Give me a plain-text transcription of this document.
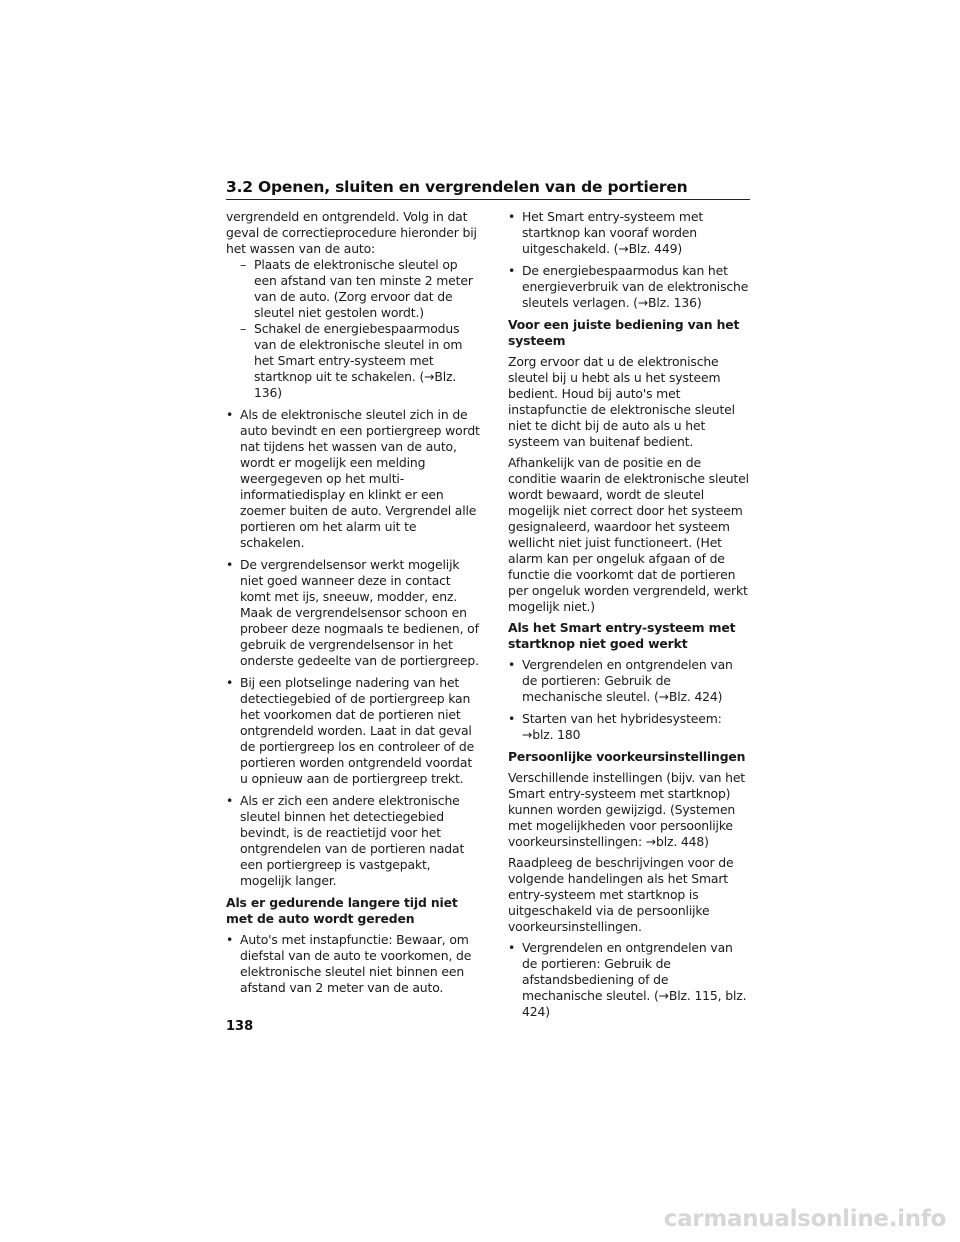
3.2 Openen, sluiten en vergrendelen van de portieren

vergrendeld en ontgrendeld. Volg in dat geval de correctieprocedure hieronder bij het wassen van de auto:

– Plaats de elektronische sleutel op een afstand van ten minste 2 meter van de auto. (Zorg ervoor dat de sleutel niet gestolen wordt.)

– Schakel de energiebespaarmodus van de elektronische sleutel in om het Smart entry-systeem met startknop uit te schakelen. (→Blz. 136)

• Als de elektronische sleutel zich in de auto bevindt en een portiergreep wordt nat tijdens het wassen van de auto, wordt er mogelijk een melding weergegeven op het multi-informatiedisplay en klinkt er een zoemer buiten de auto. Vergrendel alle portieren om het alarm uit te schakelen.

• De vergrendelsensor werkt mogelijk niet goed wanneer deze in contact komt met ijs, sneeuw, modder, enz. Maak de vergrendelsensor schoon en probeer deze nogmaals te bedienen, of gebruik de vergrendelsensor in het onderste gedeelte van de portiergreep.

• Bij een plotselinge nadering van het detectiegebied of de portiergreep kan het voorkomen dat de portieren niet ontgrendeld worden. Laat in dat geval de portiergreep los en controleer of de portieren worden ontgrendeld voordat u opnieuw aan de portiergreep trekt.

• Als er zich een andere elektronische sleutel binnen het detectiegebied bevindt, is de reactietijd voor het ontgrendelen van de portieren nadat een portiergreep is vastgepakt, mogelijk langer.

Als er gedurende langere tijd niet met de auto wordt gereden

• Auto's met instapfunctie: Bewaar, om diefstal van de auto te voorkomen, de elektronische sleutel niet binnen een afstand van 2 meter van de auto.

• Het Smart entry-systeem met startknop kan vooraf worden uitgeschakeld. (→Blz. 449)

• De energiebespaarmodus kan het energieverbruik van de elektronische sleutels verlagen. (→Blz. 136)

Voor een juiste bediening van het systeem

Zorg ervoor dat u de elektronische sleutel bij u hebt als u het systeem bedient. Houd bij auto's met instapfunctie de elektronische sleutel niet te dicht bij de auto als u het systeem van buitenaf bedient.

Afhankelijk van de positie en de conditie waarin de elektronische sleutel wordt bewaard, wordt de sleutel mogelijk niet correct door het systeem gesignaleerd, waardoor het systeem wellicht niet juist functioneert. (Het alarm kan per ongeluk afgaan of de functie die voorkomt dat de portieren per ongeluk worden vergrendeld, werkt mogelijk niet.)

Als het Smart entry-systeem met startknop niet goed werkt

• Vergrendelen en ontgrendelen van de portieren: Gebruik de mechanische sleutel. (→Blz. 424)

• Starten van het hybridesysteem: →blz. 180

Persoonlijke voorkeursinstellingen

Verschillende instellingen (bijv. van het Smart entry-systeem met startknop) kunnen worden gewijzigd. (Systemen met mogelijkheden voor persoonlijke voorkeursinstellingen: →blz. 448)

Raadpleeg de beschrijvingen voor de volgende handelingen als het Smart entry-systeem met startknop is uitgeschakeld via de persoonlijke voorkeursinstellingen.

• Vergrendelen en ontgrendelen van de portieren: Gebruik de afstandsbediening of de mechanische sleutel. (→Blz. 115, blz. 424)

138
carmanualsonline.info
